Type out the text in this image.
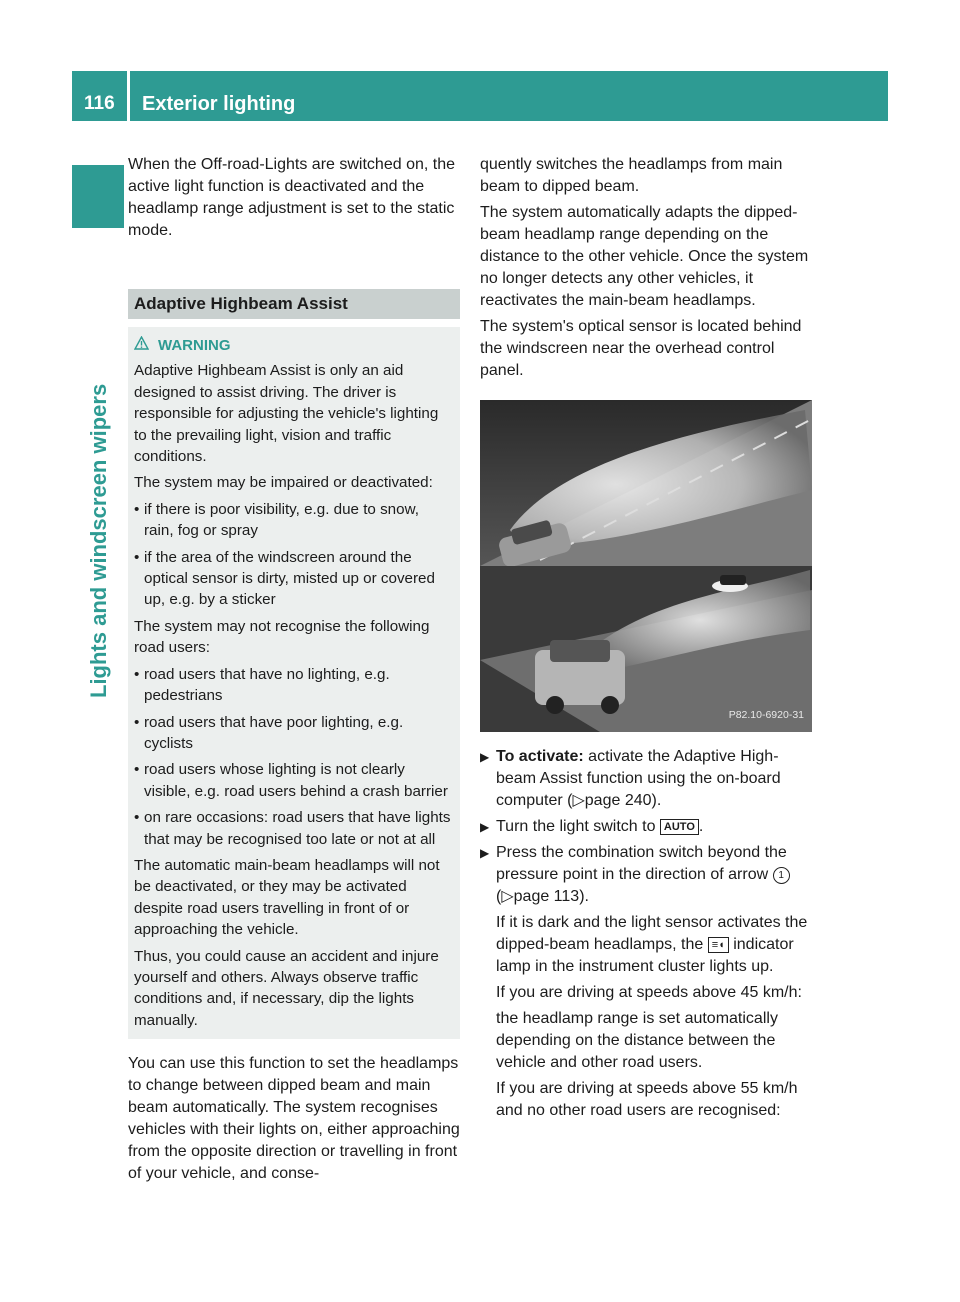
116	Exterior lighting
Lights and windscreen wipers

When the Off-road-Lights are switched on, the active light function is deactivated and the headlamp range adjustment is set to the static mode.

Adaptive Highbeam Assist
WARNING

Adaptive Highbeam Assist is only an aid designed to assist driving. The driver is responsible for adjusting the vehicle's lighting to the prevailing light, vision and traffic conditions.

The system may be impaired or deactivated:

• if there is poor visibility, e.g. due to snow, rain, fog or spray
• if the area of the windscreen around the optical sensor is dirty, misted up or covered up, e.g. by a sticker

The system may not recognise the following road users:

• road users that have no lighting, e.g. pedestrians
• road users that have poor lighting, e.g. cyclists
• road users whose lighting is not clearly visible, e.g. road users behind a crash barrier
• on rare occasions: road users that have lights that may be recognised too late or not at all

The automatic main-beam headlamps will not be deactivated, or they may be activated despite road users travelling in front of or approaching the vehicle.

Thus, you could cause an accident and injure yourself and others. Always observe traffic conditions and, if necessary, dip the lights manually.

You can use this function to set the headlamps to change between dipped beam and main beam automatically. The system recognises vehicles with their lights on, either approaching from the opposite direction or travelling in front of your vehicle, and conse-

quently switches the headlamps from main beam to dipped beam.

The system automatically adapts the dipped-beam headlamp range depending on the distance to the other vehicle. Once the system no longer detects any other vehicles, it reactivates the main-beam headlamps.

The system's optical sensor is located behind the windscreen near the overhead control panel.

P82.10-6920-31
▶ To activate: activate the Adaptive High-beam Assist function using the on-board computer (▷page 240).
▶ Turn the light switch to AUTO .
▶ Press the combination switch beyond the pressure point in the direction of arrow 1
(▷page 113).

If it is dark and the light sensor activates the dipped-beam headlamps, the ≡◖ indicator lamp in the instrument cluster lights up.

If you are driving at speeds above 45 km/h:

the headlamp range is set automatically depending on the distance between the vehicle and other road users.

If you are driving at speeds above 55 km/h and no other road users are recognised:
